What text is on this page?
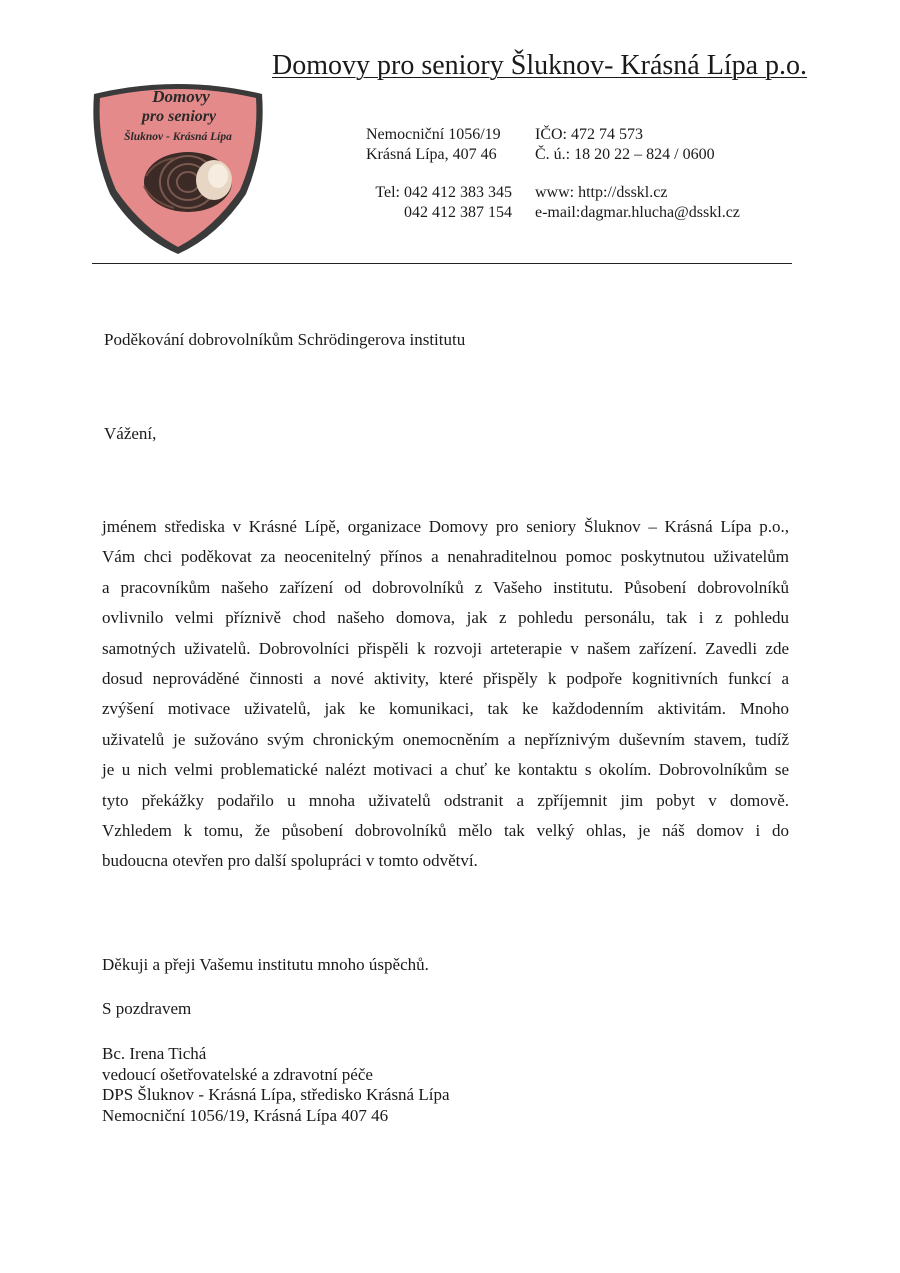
Domovy pro seniory Šluknov- Krásná Lípa p.o.
Domovy
pro seniory
Šluknov - Krásná Lípa	Nemocniční 1056/19
Krásná Lípa, 407 46
IČO: 472 74 573
Č. ú.: 18 20 22 – 824 / 0600
Tel: 042 412 383 345
042 412 387 154
www: http://dsskl.cz
e-mail:dagmar.hlucha@dsskl.cz
Poděkování dobrovolníkům Schrödingerova institutu
Vážení,
jménem střediska v Krásné Lípě, organizace Domovy pro seniory Šluknov – Krásná Lípa p.o.,
Vám chci poděkovat za neocenitelný přínos a nenahraditelnou pomoc poskytnutou uživatelům
a pracovníkům našeho zařízení od dobrovolníků z Vašeho institutu. Působení dobrovolníků
ovlivnilo velmi příznivě chod našeho domova, jak z pohledu personálu, tak i z pohledu
samotných uživatelů. Dobrovolníci přispěli k rozvoji arteterapie v našem zařízení. Zavedli zde
dosud neprováděné činnosti a nové aktivity, které přispěly k podpoře kognitivních funkcí a
zvýšení motivace uživatelů, jak ke komunikaci, tak ke každodenním aktivitám. Mnoho
uživatelů je sužováno svým chronickým onemocněním a nepříznivým duševním stavem, tudíž
je u nich velmi problematické nalézt motivaci a chuť ke kontaktu s okolím. Dobrovolníkům se
tyto překážky podařilo u mnoha uživatelů odstranit a zpříjemnit jim pobyt v domově.
Vzhledem k tomu, že působení dobrovolníků mělo tak velký ohlas, je náš domov i do
budoucna otevřen pro další spolupráci v tomto odvětví.
Děkuji a přeji Vašemu institutu mnoho úspěchů.
S pozdravem
Bc. Irena Tichá
vedoucí ošetřovatelské a zdravotní péče
DPS Šluknov - Krásná Lípa, středisko Krásná Lípa
Nemocniční 1056/19, Krásná Lípa 407 46
